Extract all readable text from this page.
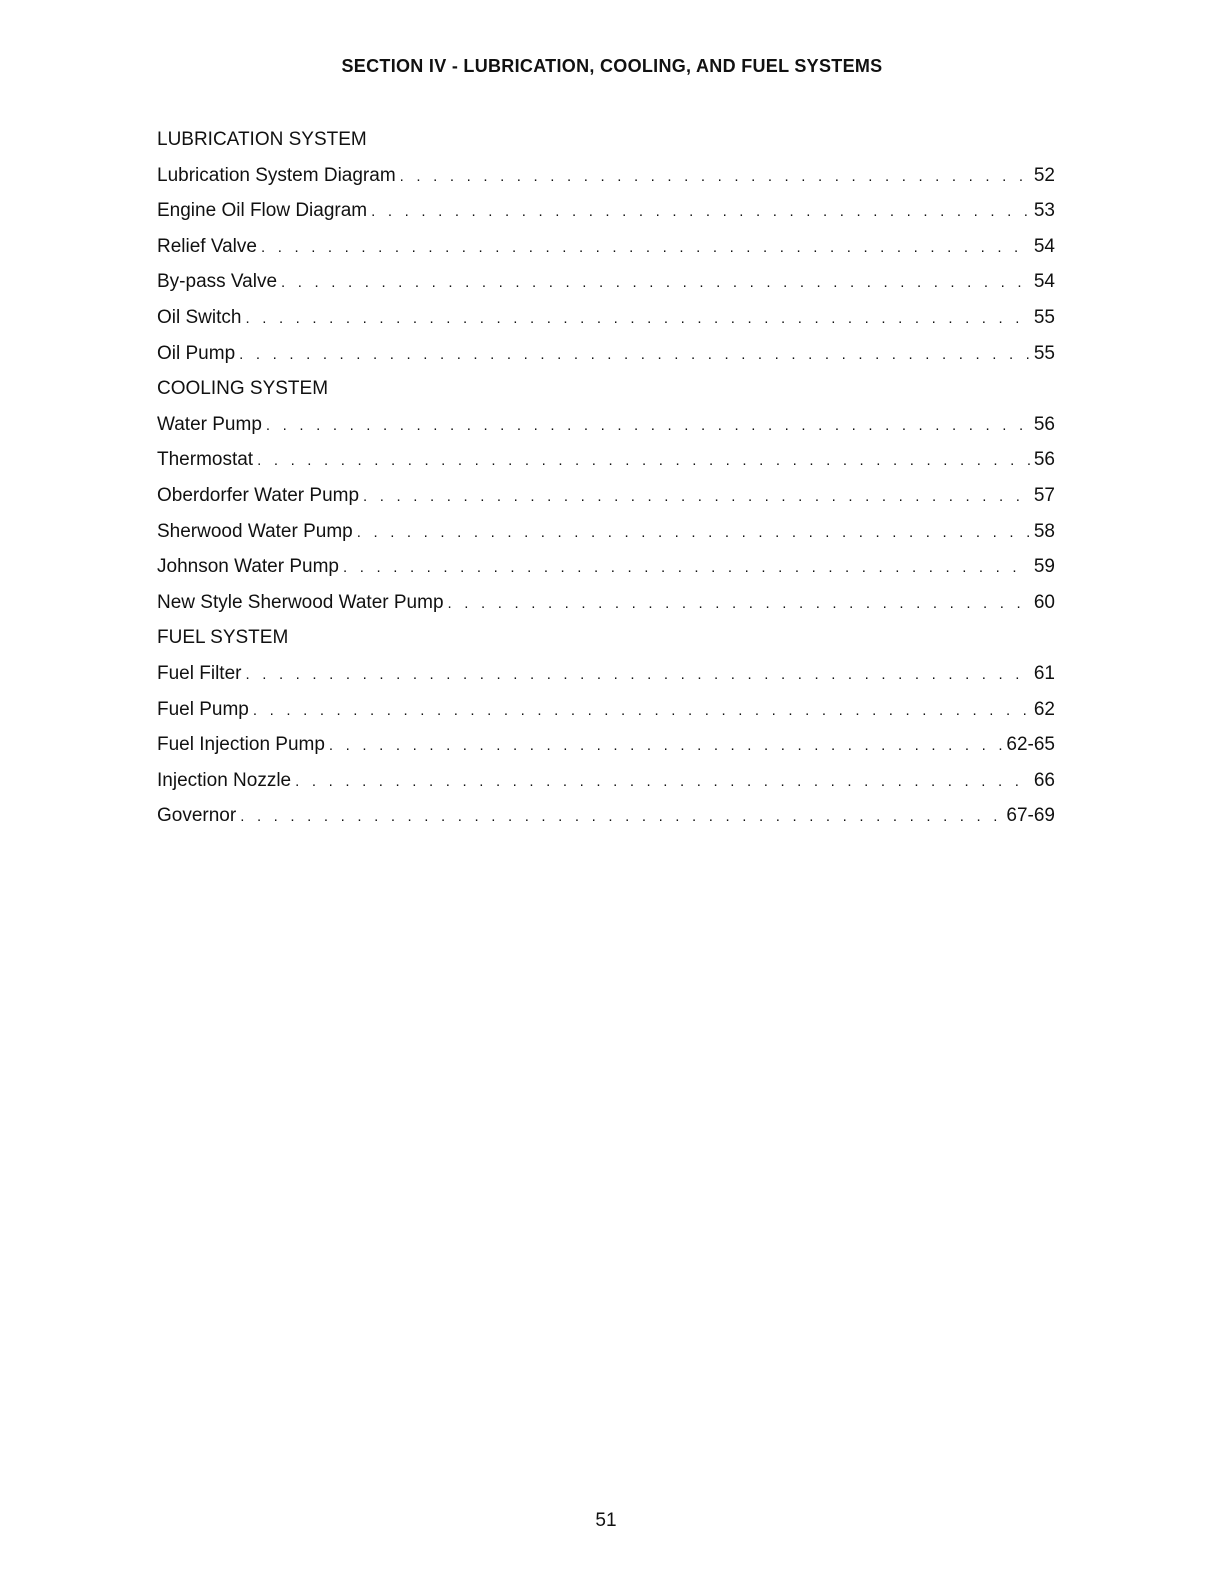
SECTION IV - LUBRICATION, COOLING, AND FUEL SYSTEMS
LUBRICATION SYSTEM
Lubrication System Diagram . . .	52
Engine Oil Flow Diagram . . .	53
Relief Valve . . .	54
By-pass Valve . . .	54
Oil Switch . . .	55
Oil Pump . . .	55
COOLING SYSTEM
Water Pump . . .	56
Thermostat . . .	56
Oberdorfer Water Pump . . .	57
Sherwood Water Pump . . .	58
Johnson Water Pump . . .	59
New Style Sherwood Water Pump . . .	60
FUEL SYSTEM
Fuel Filter . . .	61
Fuel Pump . . .	62
Fuel Injection Pump . . .	62-65
Injection Nozzle . . .	66
Governor . . .	67-69
51
